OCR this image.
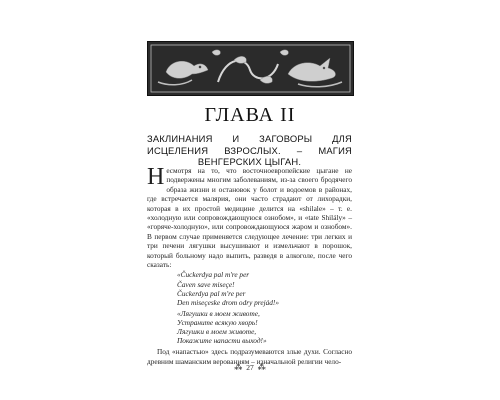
ГЛАВА II
ЗАКЛИНАНИЯ И ЗАГОВОРЫ ДЛЯ ИСЦЕЛЕНИЯ ВЗРОСЛЫХ. – МАГИЯ ВЕНГЕРСКИХ ЦЫГАН.

Несмотря на то, что восточноевропейские цыгане не подвержены многим заболеваниям, из-за своего бродячего образа жизни и остановок у болот и водоемов в районах, где встречается малярия, они часто страдают от лихорадки, которая в их простой медицине делится на «shilale» – т. е. «холодную или сопровождающуюся ознобом», и «tate Shilály» – «горяче-холодную», или сопровождающуюся жаром и ознобом». В первом случае применяется следующее лечение: три легких и три печени лягушки высушивают и измельчают в порошок, который больному надо выпить, разведя в алкоголе, после чего сказать:

«Čuckerdya pal m're per
Čaven save miseçe!
Čuckerdya pal m're per
Den miseçeske drom odry prejád!»
«Лягушки в моем животе,
Устраните всякую хворь!
Лягушки в моем животе,
Покажите напасти выход!»

Под «напастью» здесь подразумеваются злые духи. Согласно древним шаманским верованиям – изначальной религии чело-

⁂ 27 ⁂
